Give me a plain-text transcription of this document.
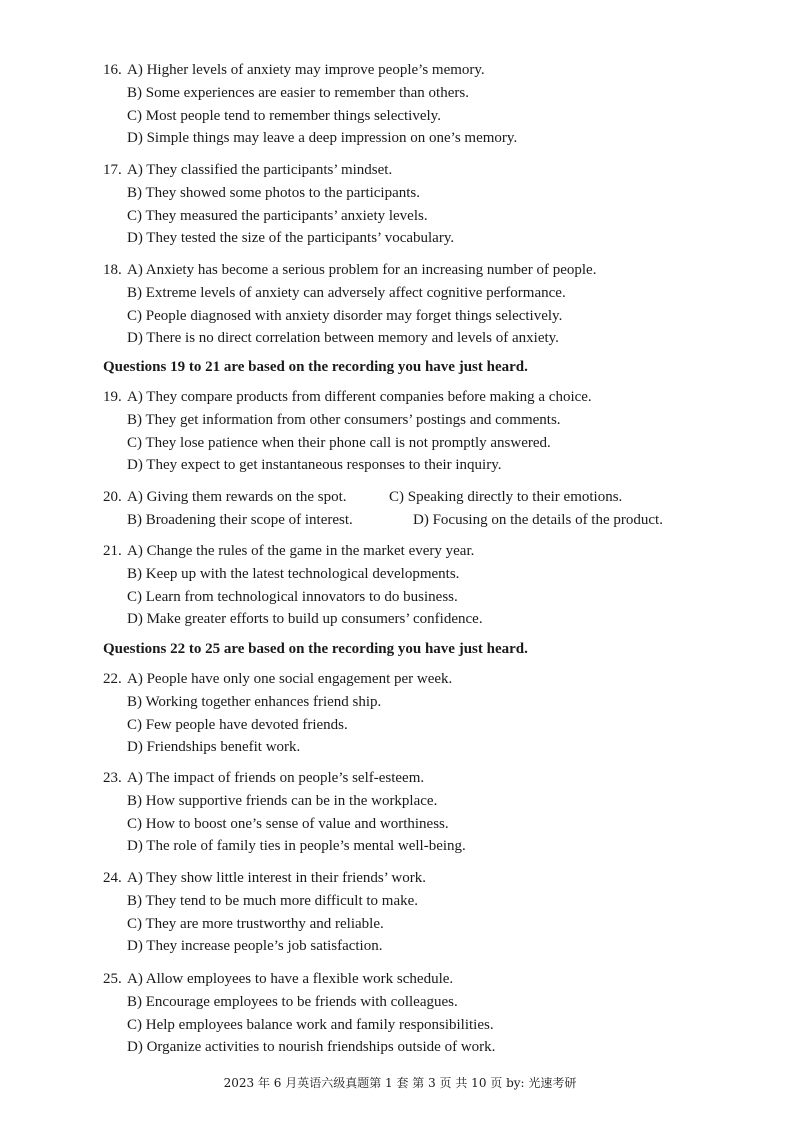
16. A) Higher levels of anxiety may improve people’s memory.
B) Some experiences are easier to remember than others.
C) Most people tend to remember things selectively.
D) Simple things may leave a deep impression on one’s memory.
17. A) They classified the participants’ mindset.
B) They showed some photos to the participants.
C) They measured the participants’ anxiety levels.
D) They tested the size of the participants’ vocabulary.
18. A) Anxiety has become a serious problem for an increasing number of people.
B) Extreme levels of anxiety can adversely affect cognitive performance.
C) People diagnosed with anxiety disorder may forget things selectively.
D) There is no direct correlation between memory and levels of anxiety.
Questions 19 to 21 are based on the recording you have just heard.
19. A) They compare products from different companies before making a choice.
B) They get information from other consumers’ postings and comments.
C) They lose patience when their phone call is not promptly answered.
D) They expect to get instantaneous responses to their inquiry.
20. A) Giving them rewards on the spot.	C) Speaking directly to their emotions.
B) Broadening their scope of interest.	D) Focusing on the details of the product.
21. A) Change the rules of the game in the market every year.
B) Keep up with the latest technological developments.
C) Learn from technological innovators to do business.
D) Make greater efforts to build up consumers’ confidence.
Questions 22 to 25 are based on the recording you have just heard.
22. A) People have only one social engagement per week.
B) Working together enhances friend ship.
C) Few people have devoted friends.
D) Friendships benefit work.
23. A) The impact of friends on people’s self-esteem.
B) How supportive friends can be in the workplace.
C) How to boost one’s sense of value and worthiness.
D) The role of family ties in people’s mental well-being.
24. A) They show little interest in their friends’ work.
B) They tend to be much more difficult to make.
C) They are more trustworthy and reliable.
D) They increase people’s job satisfaction.
25. A) Allow employees to have a flexible work schedule.
B) Encourage employees to be friends with colleagues.
C) Help employees balance work and family responsibilities.
D) Organize activities to nourish friendships outside of work.
2023 年 6 月英语六级真题第 1 套 第 3 页 共 10 页 by: 光速考研
